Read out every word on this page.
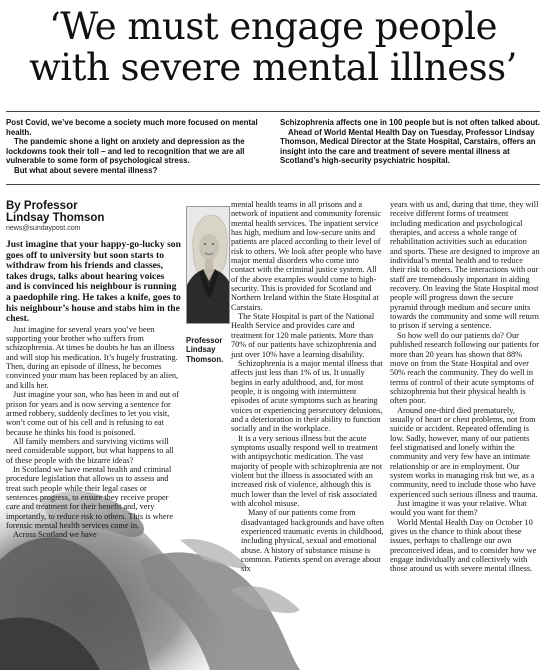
‘We must engage people
with severe mental illness’

Post Covid, we’ve become a society much more focused on mental health.

The pandemic shone a light on anxiety and depression as the lockdowns took their toll – and led to recognition that we are all vulnerable to some form of psychological stress.

But what about severe mental illness?

Schizophrenia affects one in 100 people but is not often talked about.

Ahead of World Mental Health Day on Tuesday, Professor Lindsay Thomson, Medical Director at the State Hospital, Carstairs, offers an insight into the care and treatment of severe mental illness at Scotland’s high-security psychiatric hospital.

By Professor
Lindsay Thomson
news@sundaypost.com
Professor
Lindsay
Thomson.

Just imagine that your happy-go-lucky son goes off to university but soon starts to withdraw from his friends and classes, takes drugs, talks about hearing voices and is convinced his neighbour is running a paedophile ring. He takes a knife, goes to his neighbour’s house and stabs him in the chest.

Just imagine for several years you’ve been supporting your brother who suffers from schizophrenia. At times he doubts he has an illness and will stop his medication. It’s hugely frustrating. Then, during an episode of illness, he becomes convinced your mum has been replaced by an alien, and kills her.

Just imagine your son, who has been in and out of prison for years and is now serving a sentence for armed robbery, suddenly declines to let you visit, won’t come out of his cell and is refusing to eat because he thinks his food is poisoned.

All family members and surviving victims will need considerable support, but what happens to all of these people with the bizarre ideas?

In Scotland we have mental health and criminal procedure legislation that allows us to assess and treat such people while their legal cases or sentences progress, to ensure they receive proper care and treatment for their benefit and, very importantly, to reduce risk to others. This is where forensic mental health services come in.

Across Scotland we have

mental health teams in all prisons and a network of inpatient and community forensic mental health services. The inpatient service has high, medium and low-secure units and patients are placed according to their level of risk to others. We look after people who have major mental disorders who come into contact with the criminal justice system. All of the above examples would come to high-security. This is provided for Scotland and Northern Ireland within the State Hospital at Carstairs.

The State Hospital is part of the National Health Service and provides care and treatment for 120 male patients. More than 70% of our patients have schizophrenia and just over 10% have a learning disability.

Schizophrenia is a major mental illness that affects just less than 1% of us. It usually begins in early adulthood, and, for most people, it is ongoing with intermittent episodes of acute symptoms such as hearing voices or experiencing persecutory delusions, and a deterioration in their ability to function socially and in the workplace.

It is a very serious illness but the acute symptoms usually respond well to treatment with antipsychotic medication. The vast majority of people with schizophrenia are not violent but the illness is associated with an increased risk of violence, although this is much lower than the level of risk associated with alcohol misuse.

Many of our patients come from disadvantaged backgrounds and have often experienced traumatic events in childhood, including physical, sexual and emotional abuse. A history of substance misuse is common. Patients spend on average about six

years with us and, during that time, they will receive different forms of treatment including medication and psychological therapies, and access a whole range of rehabilitation activities such as education and sports. These are designed to improve an individual’s mental health and to reduce their risk to others. The interactions with our staff are tremendously important in aiding recovery. On leaving the State Hospital most people will progress down the secure pyramid through medium and secure units towards the community and some will return to prison if serving a sentence.

So how well do our patients do? Our published research following our patients for more than 20 years has shown that 88% move on from the State Hospital and over 50% reach the community. They do well in terms of control of their acute symptoms of schizophrenia but their physical health is often poor.

Around one-third died prematurely, usually of heart or chest problems, not from suicide or accident. Repeated offending is low. Sadly, however, many of our patients feel stigmatised and lonely within the community and very few have an intimate relationship or are in employment. Our system works in managing risk but we, as a community, need to include those who have experienced such serious illness and trauma.

Just imagine it was your relative. What would you want for them?

World Mental Health Day on October 10 gives us the chance to think about these issues, perhaps to challenge our own preconceived ideas, and to consider how we engage individually and collectively with those around us with severe mental illness.
